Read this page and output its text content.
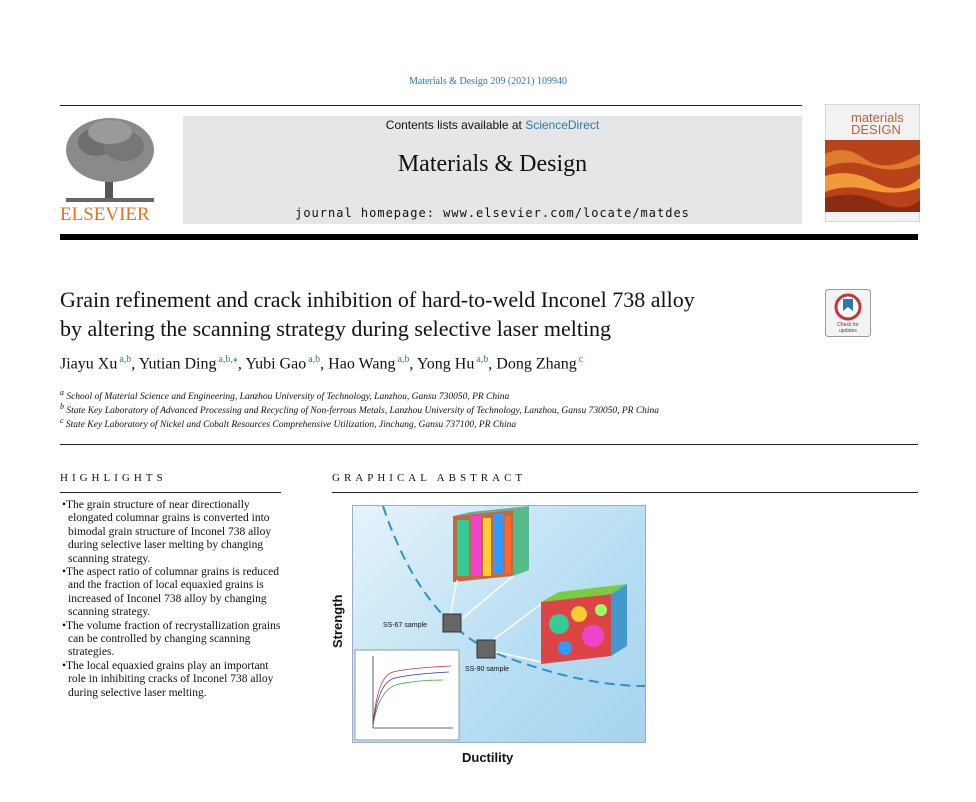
Materials & Design 209 (2021) 109940
ELSEVIER
Contents lists available at ScienceDirect
Materials & Design
journal homepage: www.elsevier.com/locate/matdes
materials
DESIGN
Grain refinement and crack inhibition of hard-to-weld Inconel 738 alloy
by altering the scanning strategy during selective laser melting	Check for
updates
Jiayu Xu $^{a,b}$, Yutian Ding $^{a,b,⁎}$, Yubi Gao $^{a,b}$, Hao Wang $^{a,b}$, Yong Hu $^{a,b}$, Dong Zhang $^c$
$^a$ School of Material Science and Engineering, Lanzhou University of Technology, Lanzhou, Gansu 730050, PR China
$^b$ State Key Laboratory of Advanced Processing and Recycling of Non-ferrous Metals, Lanzhou University of Technology, Lanzhou, Gansu 730050, PR China
$^c$ State Key Laboratory of Nickel and Cobalt Resources Comprehensive Utilization, Jinchang, Gansu 737100, PR China
HIGHLIGHTS
• The grain structure of near directionally elongated columnar grains is converted into bimodal grain structure of Inconel 738 alloy during selective laser melting by changing scanning strategy.
• The aspect ratio of columnar grains is reduced and the fraction of local equaxied grains is increased of Inconel 738 alloy by changing scanning strategy.
• The volume fraction of recrystallization grains can be controlled by changing scanning strategies.
• The local equaxied grains play an important role in inhibiting cracks of Inconel 738 alloy during selective laser melting.
GRAPHICAL ABSTRACT
SS-67 sample
SS-90 sample
Strength
Ductility
